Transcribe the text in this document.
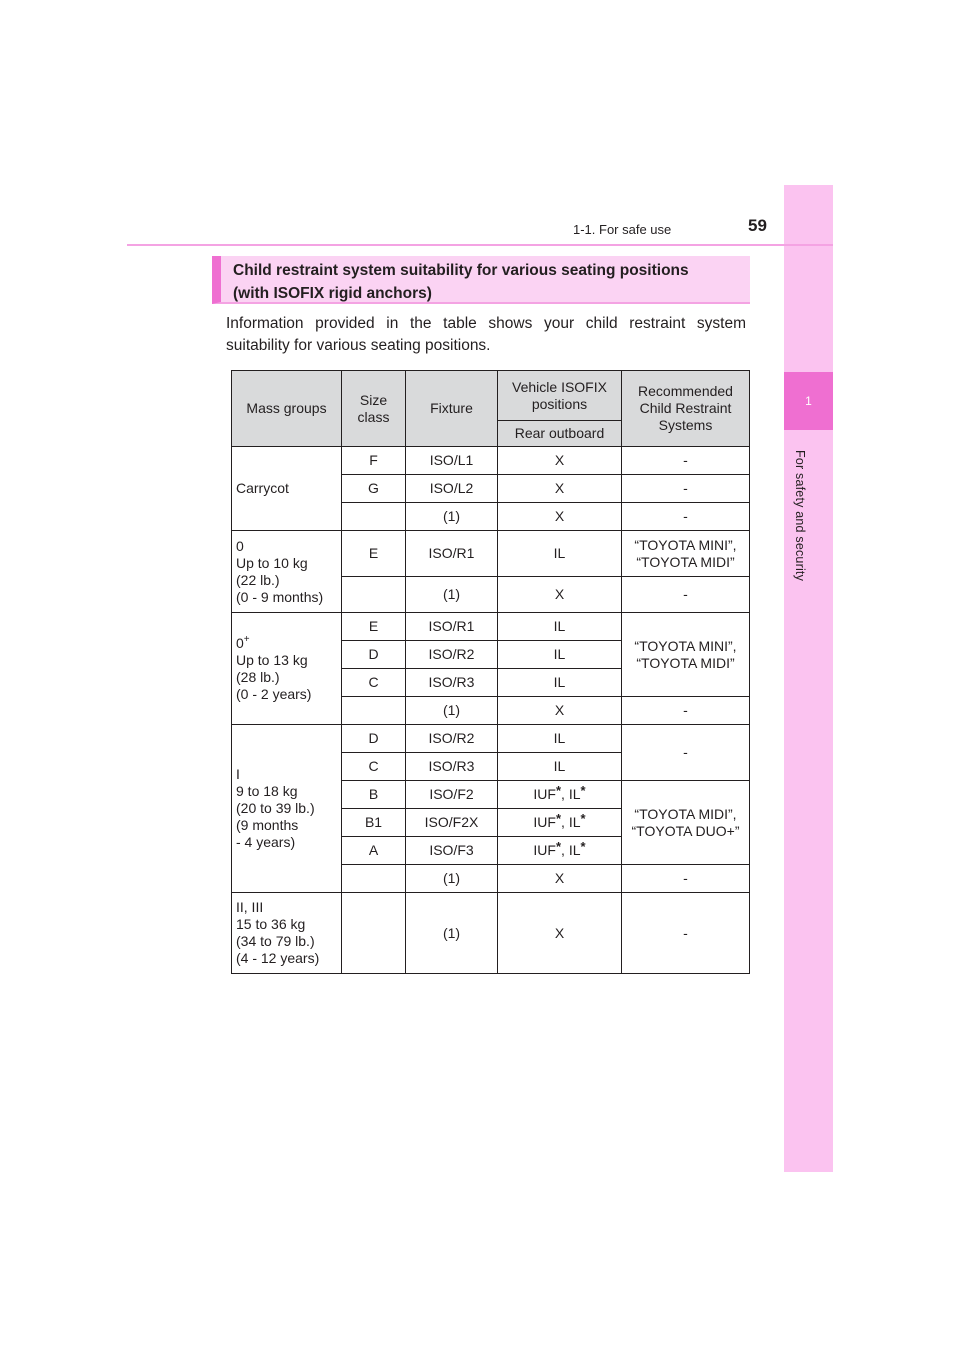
1
For safety and security
1-1. For safe use	59
Child restraint system suitability for various seating positions
(with ISOFIX rigid anchors)
Information provided in the table shows your child restraint system suitability for various seating positions.
Mass groups	Size class	Fixture	Vehicle ISOFIX positions	Recommended Child Restraint Systems
			Rear outboard	
Carrycot	F	ISO/L1	X	-
	G	ISO/L2	X	-
		(1)	X	-
0
Up to 10 kg
(22 lb.)
(0 - 9 months)	E	ISO/R1	IL	“TOYOTA MINI”, “TOYOTA MIDI”
		(1)	X	-
0+
Up to 13 kg
(28 lb.)
(0 - 2 years)	E	ISO/R1	IL	“TOYOTA MINI”, “TOYOTA MIDI”
	D	ISO/R2	IL	
	C	ISO/R3	IL	
		(1)	X	-
I
9 to 18 kg
(20 to 39 lb.)
(9 months
- 4 years)	D	ISO/R2	IL	-
	C	ISO/R3	IL	
	B	ISO/F2	IUF*, IL*	“TOYOTA MIDI”, “TOYOTA DUO+”
	B1	ISO/F2X	IUF*, IL*	
	A	ISO/F3	IUF*, IL*	
		(1)	X	-
II, III
15 to 36 kg
(34 to 79 lb.)
(4 - 12 years)		(1)	X	-
